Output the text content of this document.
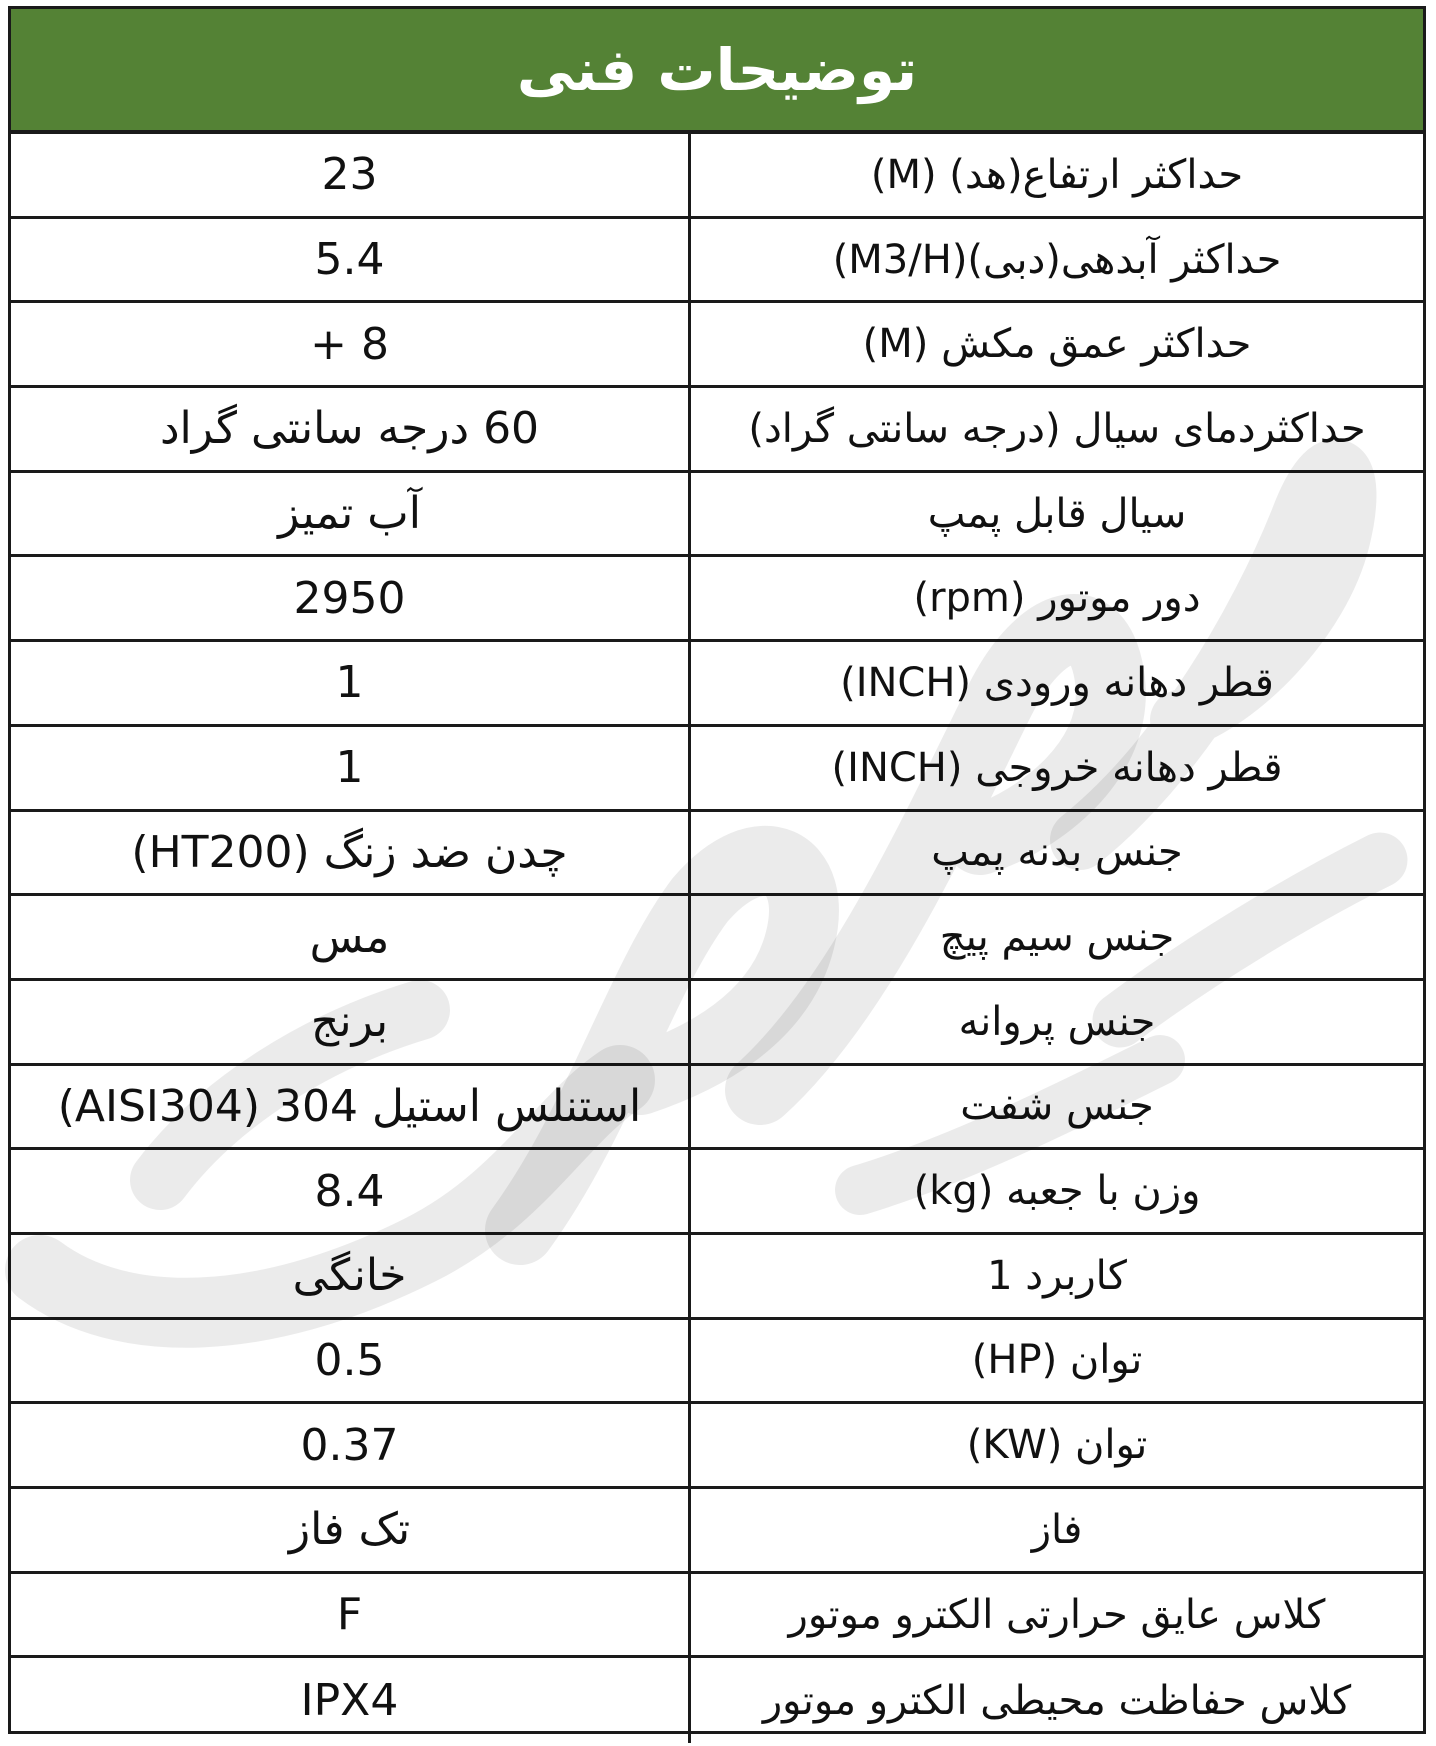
توضیحات فنی
23	حداکثر ارتفاع(هد) (M)
5.4	حداکثر آبدهی(دبی)(M3/H)
8 +	حداکثر عمق مکش (M)
60 درجه سانتی گراد	حداکثردمای سیال (درجه سانتی گراد)
آب تمیز	سیال قابل پمپ
2950	دور موتور (rpm)
1	قطر دهانه ورودی (INCH)
1	قطر دهانه خروجی (INCH)
چدن ضد زنگ (HT200)	جنس بدنه پمپ
مس	جنس سیم پیچ
برنج	جنس پروانه
استنلس استیل 304 (AISI304)	جنس شفت
8.4	وزن با جعبه (kg)
خانگی	کاربرد 1
0.5	توان (HP)
0.37	توان (KW)
تک فاز	فاز
F	کلاس عایق حرارتی الکترو موتور
IPX4	کلاس حفاظت محیطی الکترو موتور
